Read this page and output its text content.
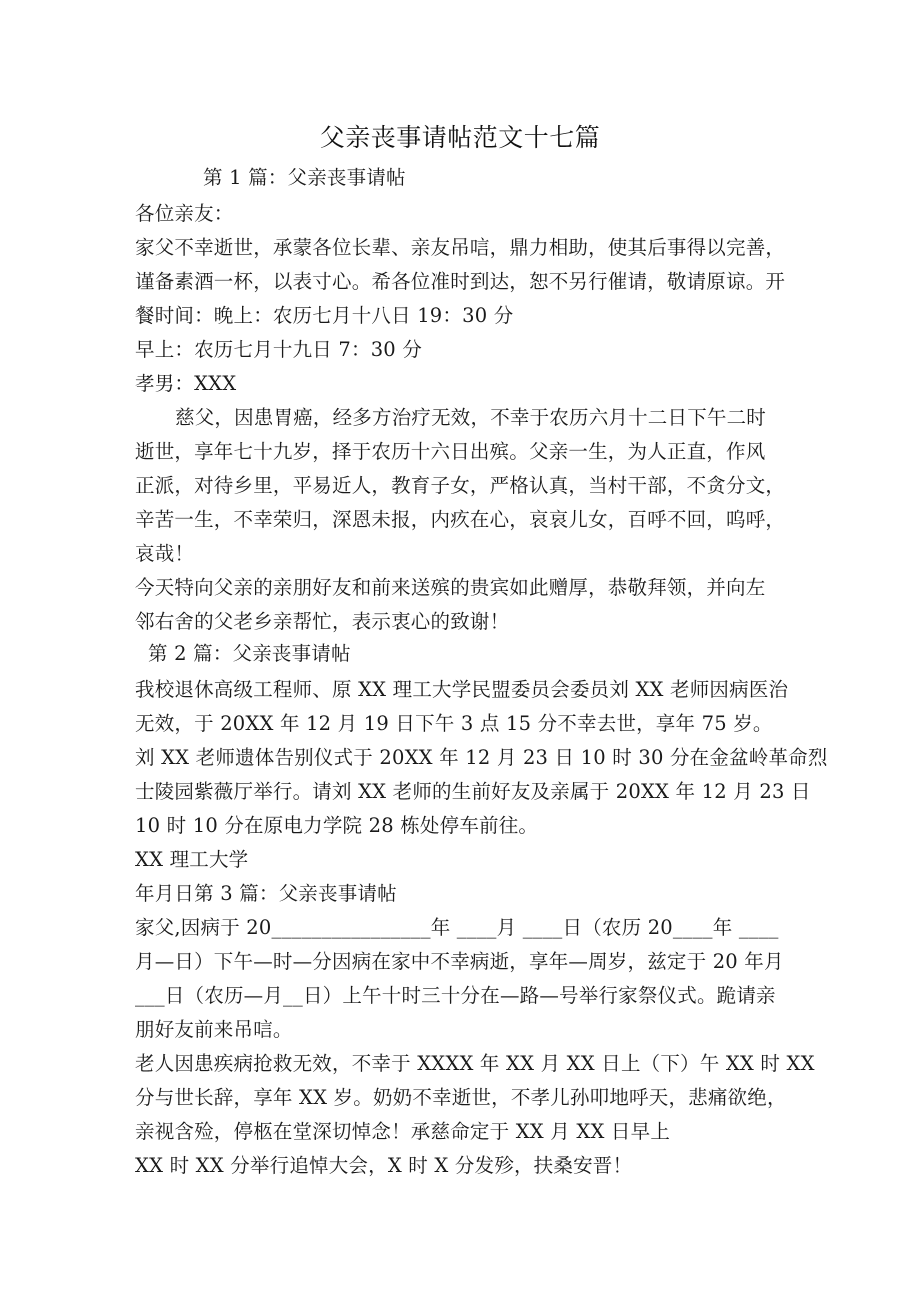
父亲丧事请帖范文十七篇
第 1 篇：父亲丧事请帖
各位亲友：
家父不幸逝世，承蒙各位长辈、亲友吊唁，鼎力相助，使其后事得以完善，
谨备素酒一杯，以表寸心。希各位准时到达，恕不另行催请，敬请原谅。开
餐时间：晚上：农历七月十八日 19：30 分
早上：农历七月十九日 7：30 分
孝男：XXX
慈父，因患胃癌，经多方治疗无效，不幸于农历六月十二日下午二时
逝世，享年七十九岁，择于农历十六日出殡。父亲一生，为人正直，作风
正派，对待乡里，平易近人，教育子女，严格认真，当村干部，不贪分文，
辛苦一生，不幸荣归，深恩未报，内疚在心，哀哀儿女，百呼不回，呜呼，
哀哉！
今天特向父亲的亲朋好友和前来送殡的贵宾如此赠厚，恭敬拜领，并向左
邻右舍的父老乡亲帮忙，表示衷心的致谢！
第 2 篇：父亲丧事请帖
我校退休高级工程师、原 XX 理工大学民盟委员会委员刘 XX 老师因病医治
无效，于 20XX 年 12 月 19 日下午 3 点 15 分不幸去世，享年 75 岁。
刘 XX 老师遗体告别仪式于 20XX 年 12 月 23 日 10 时 30 分在金盆岭革命烈
士陵园紫薇厅举行。请刘 XX 老师的生前好友及亲属于 20XX 年 12 月 23 日
10 时 10 分在原电力学院 28 栋处停车前往。
XX 理工大学
年月日第 3 篇：父亲丧事请帖
家父,因病于 20________________年 ____月 ____日（农历 20____年 ____
月—日）下午—时—分因病在家中不幸病逝，享年—周岁，兹定于 20 年月
___日（农历—月__日）上午十时三十分在—路—号举行家祭仪式。跪请亲
朋好友前来吊唁。
老人因患疾病抢救无效，不幸于 XXXX 年 XX 月 XX 日上（下）午 XX 时 XX
分与世长辞，享年 XX 岁。奶奶不幸逝世，不孝儿孙叩地呼天，悲痛欲绝，
亲视含殓，停柩在堂深切悼念！承慈命定于 XX 月 XX 日早上
XX 时 XX 分举行追悼大会，X 时 X 分发殄，扶桑安晋！
